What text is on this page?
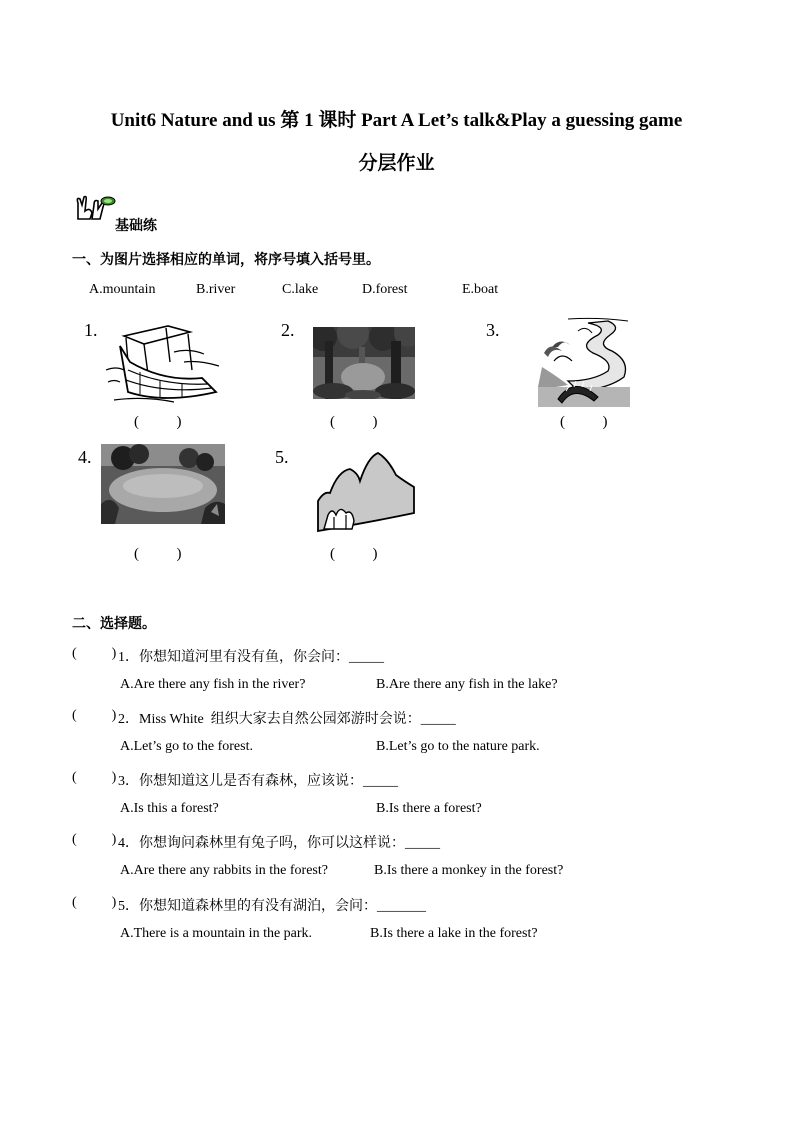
Unit6 Nature and us 第 1 课时 Part A Let’s talk&Play a guessing game
分层作业
基础练
一、为图片选择相应的单词，将序号填入括号里。
A.mountain	B.river	C.lake	D.forest	E.boat
1.	2.	3.
4.	5.
(          )	(          )	(          )
(          )	(          )
二、选择题。
(          ) 1．你想知道河里有没有鱼，你会问：_____
A.Are there any fish in the river?	B.Are there any fish in the lake?
(          ) 2．Miss White  组织大家去自然公园郊游时会说：_____
A.Let’s go to the forest.	B.Let’s go to the nature park.
(          ) 3．你想知道这儿是否有森林，应该说：_____
A.Is this a forest?	B.Is there a forest?
(          ) 4．你想询问森林里有兔子吗，你可以这样说：_____
A.Are there any rabbits in the forest?	B.Is there a monkey in the forest?
(          ) 5．你想知道森林里的有没有湖泊，会问：_______
A.There is a mountain in the park.	B.Is there a lake in the forest?
